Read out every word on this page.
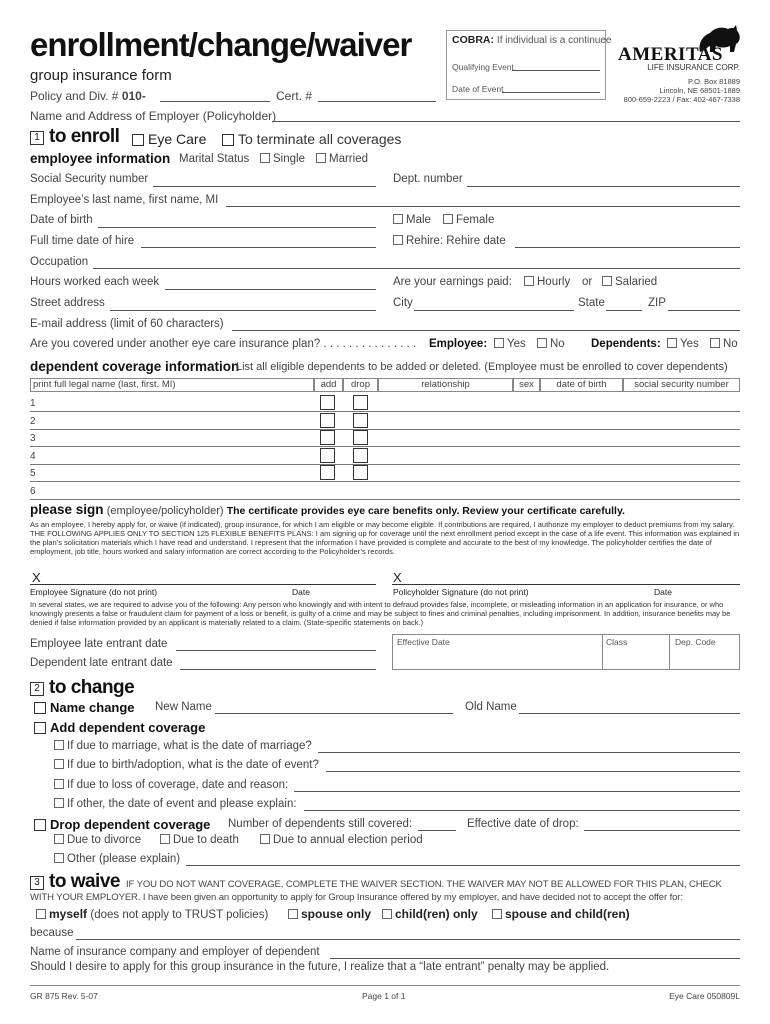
enrollment/change/waiver
group insurance form
Policy and Div. # 010-	Cert. #
Name and Address of Employer (Policyholder)
COBRA: If individual is a continuee
Qualifying Event
Date of Event
AMERITAS
LIFE INSURANCE CORP.
P.O. Box 81889
Lincoln, NE 68501-1889
800-659-2223 / Fax: 402-467-7338
1 to enroll	Eye Care	To terminate all coverages
employee information Marital Status	Single	Married
Social Security number	Dept. number
Employee’s last name, first name, MI
Date of birth	Male	Female
Full time date of hire	Rehire: Rehire date
Occupation
Hours worked each week	Are your earnings paid:	Hourly or	Salaried
Street address	City	State	ZIP
E-mail address (limit of 60 characters)
Are you covered under another eye care insurance plan? . . . . . . . . . . . . . . . Employee:	Yes	No Dependents:	Yes	No
dependent coverage information
List all eligible dependents to be added or deleted. (Employee must be enrolled to cover dependents)
print full legal name (last, first. MI)	add	drop	relationship	sex	date of birth	social security number
1
2
3
4
5
6
please sign (employee/policyholder) The certificate provides eye care benefits only. Review your certificate carefully.
As an employee, I hereby apply for, or waive (if indicated), group insurance, for which I am eligible or may become eligible. If contributions are required, I authorize my employer to deduct premiums from my salary. THE FOLLOWING APPLIES ONLY TO SECTION 125 FLEXIBLE BENEFITS PLANS: I am signing up for coverage until the next enrollment period except in the case of a life event. This information was explained in the plan’s solicitation materials which I have read and understand. I represent that the information I have provided is complete and accurate to the best of my knowledge. The policyholder certifies the date of employment, job title, hours worked and salary information are correct according to the Policyholder’s records.
X
Employee Signature (do not print)	Date
X
Policyholder Signature (do not print)	Date
In several states, we are required to advise you of the following: Any person who knowingly and with intent to defraud provides false, incomplete, or misleading information in an application for insurance, or who knowingly presents a false or fraudulent claim for payment of a loss or benefit, is guilty of a crime and may be subject to fines and criminal penalties, including imprisonment. In addition, insurance benefits may be denied if false information provided by an applicant is materially related to a claim. (State-specific statements on back.)
Employee late entrant date
Dependent late entrant date
Effective Date	Class	Dep. Code
2 to change
Name change New Name	Old Name
Add dependent coverage
If due to marriage, what is the date of marriage?
If due to birth/adoption, what is the date of event?
If due to loss of coverage, date and reason:
If other, the date of event and please explain:
Drop dependent coverage Number of dependents still covered:	Effective date of drop:
Due to divorce	Due to death	Due to annual election period
Other (please explain)
3 to waive IF YOU DO NOT WANT COVERAGE, COMPLETE THE WAIVER SECTION. THE WAIVER MAY NOT BE ALLOWED FOR THIS PLAN, CHECK
WITH YOUR EMPLOYER. I have been given an opportunity to apply for Group Insurance offered by my employer, and have decided not to accept the offer for:
myself (does not apply to TRUST policies)	spouse only	child(ren) only	spouse and child(ren)
because
Name of insurance company and employer of dependent
Should I desire to apply for this group insurance in the future, I realize that a “late entrant” penalty may be applied.
GR 875 Rev. 5-07	Page 1 of 1	Eye Care 050809L
